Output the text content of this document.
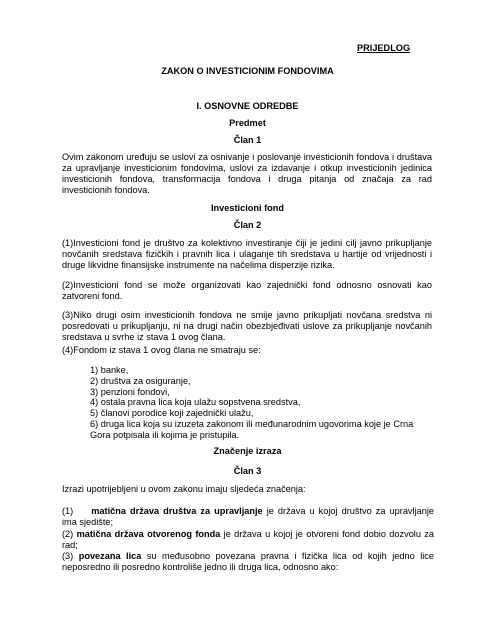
PRIJEDLOG
ZAKON O INVESTICIONIM FONDOVIMA
I. OSNOVNE ODREDBE
Predmet
Član 1
Ovim zakonom uređuju se uslovi za osnivanje i poslovanje investicionih fondova i društava za upravljanje investicionim fondovima, uslovi za izdavanje i otkup investicionih jedinica investicionih fondova, transformacija fondova i druga pitanja od značaja za rad investicionih fondova.
Investicioni fond
Član 2
(1)Investicioni fond je društvo za kolektivno investiranje čiji je jedini cilj javno prikupljanje novčanih sredstava fizičkih i pravnih lica i ulaganje tih sredstava u hartije od vrijednosti i druge likvidne finansijske instrumente na načelima disperzije rizika.
(2)Investicioni fond se može organizovati kao zajednički fond odnosno osnovati kao zatvoreni fond.
(3)Niko drugi osim investicionih fondova ne smije javno prikupljati novčana sredstva ni posredovati u prikupljanju, ni na drugi način obezbjeđivati uslove za prikupljanje novčanih sredstava u svrhe iz stava 1 ovog člana.
(4)Fondom iz stava 1 ovog člana ne smatraju se:
1) banke,
2) društva za osiguranje,
3) penzioni fondovi,
4) ostala pravna lica koja ulažu sopstvena sredstva,
5) članovi porodice koji zajednički ulažu,
6) druga lica koja su izuzeta zakonom ili međunarodnim ugovorima koje je Crna
Gora potpisala ili kojima je pristupila.
Značenje izraza
Član 3
Izrazi upotrijebljeni u ovom zakonu imaju sljedeća značenja:
(1) matična država društva za upravljanje je država u kojoj društvo za upravljanje ima sjedište;
(2) matična država otvorenog fonda je država u kojoj je otvoreni fond dobio dozvolu za rad;
(3) povezana lica su međusobno povezana pravna i fizička lica od kojih jedno lice neposredno ili posredno kontroliše jedno ili druga lica, odnosno ako:
